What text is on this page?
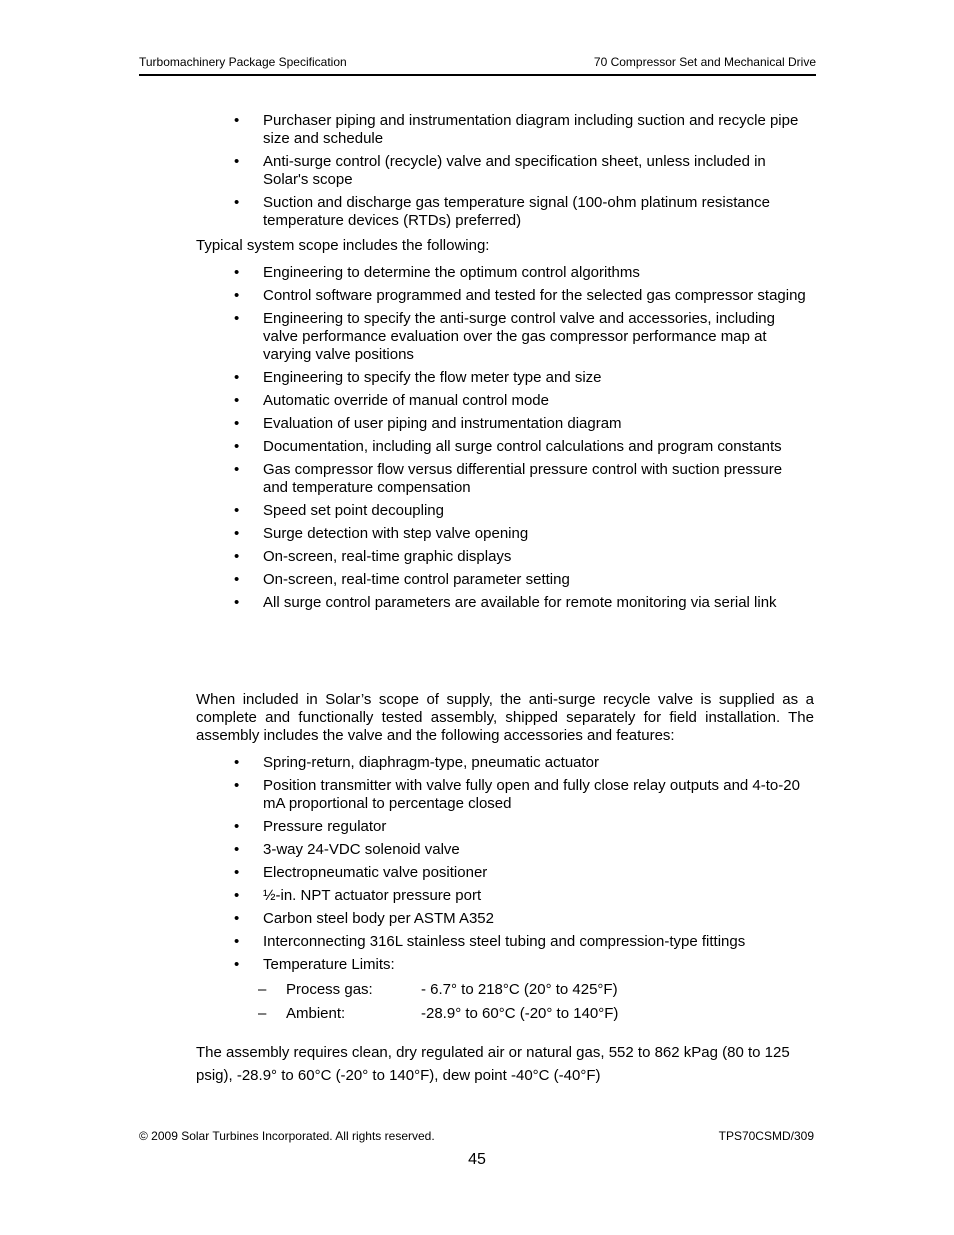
Turbomachinery Package Specification	70 Compressor Set and Mechanical Drive
• Purchaser piping and instrumentation diagram including suction and recycle pipe size and schedule
• Anti-surge control (recycle) valve and specification sheet, unless included in Solar's scope
• Suction and discharge gas temperature signal (100-ohm platinum resistance temperature devices (RTDs) preferred)

Typical system scope includes the following:

• Engineering to determine the optimum control algorithms
• Control software programmed and tested for the selected gas compressor staging
• Engineering to specify the anti-surge control valve and accessories, including valve performance evaluation over the gas compressor performance map at varying valve positions
• Engineering to specify the flow meter type and size
• Automatic override of manual control mode
• Evaluation of user piping and instrumentation diagram
• Documentation, including all surge control calculations and program constants
• Gas compressor flow versus differential pressure control with suction pressure and temperature compensation
• Speed set point decoupling
• Surge detection with step valve opening
• On-screen, real-time graphic displays
• On-screen, real-time control parameter setting
• All surge control parameters are available for remote monitoring via serial link

When included in Solar’s scope of supply, the anti-surge recycle valve is supplied as a complete and functionally tested assembly, shipped separately for field installation. The assembly includes the valve and the following accessories and features:

• Spring-return, diaphragm-type, pneumatic actuator
• Position transmitter with valve fully open and fully close relay outputs and 4-to-20 mA proportional to percentage closed
• Pressure regulator
• 3-way 24-VDC solenoid valve
• Electropneumatic valve positioner
• ½-in. NPT actuator pressure port
• Carbon steel body per ASTM A352
• Interconnecting 316L stainless steel tubing and compression-type fittings
• Temperature Limits:
–	Process gas:	- 6.7° to 218°C (20° to 425°F)
–	Ambient:	-28.9° to 60°C (-20° to 140°F)

The assembly requires clean, dry regulated air or natural gas, 552 to 862 kPag (80 to 125 psig), -28.9° to 60°C (-20° to 140°F), dew point -40°C (-40°F)

© 2009 Solar Turbines Incorporated. All rights reserved.	TPS70CSMD/309
45
